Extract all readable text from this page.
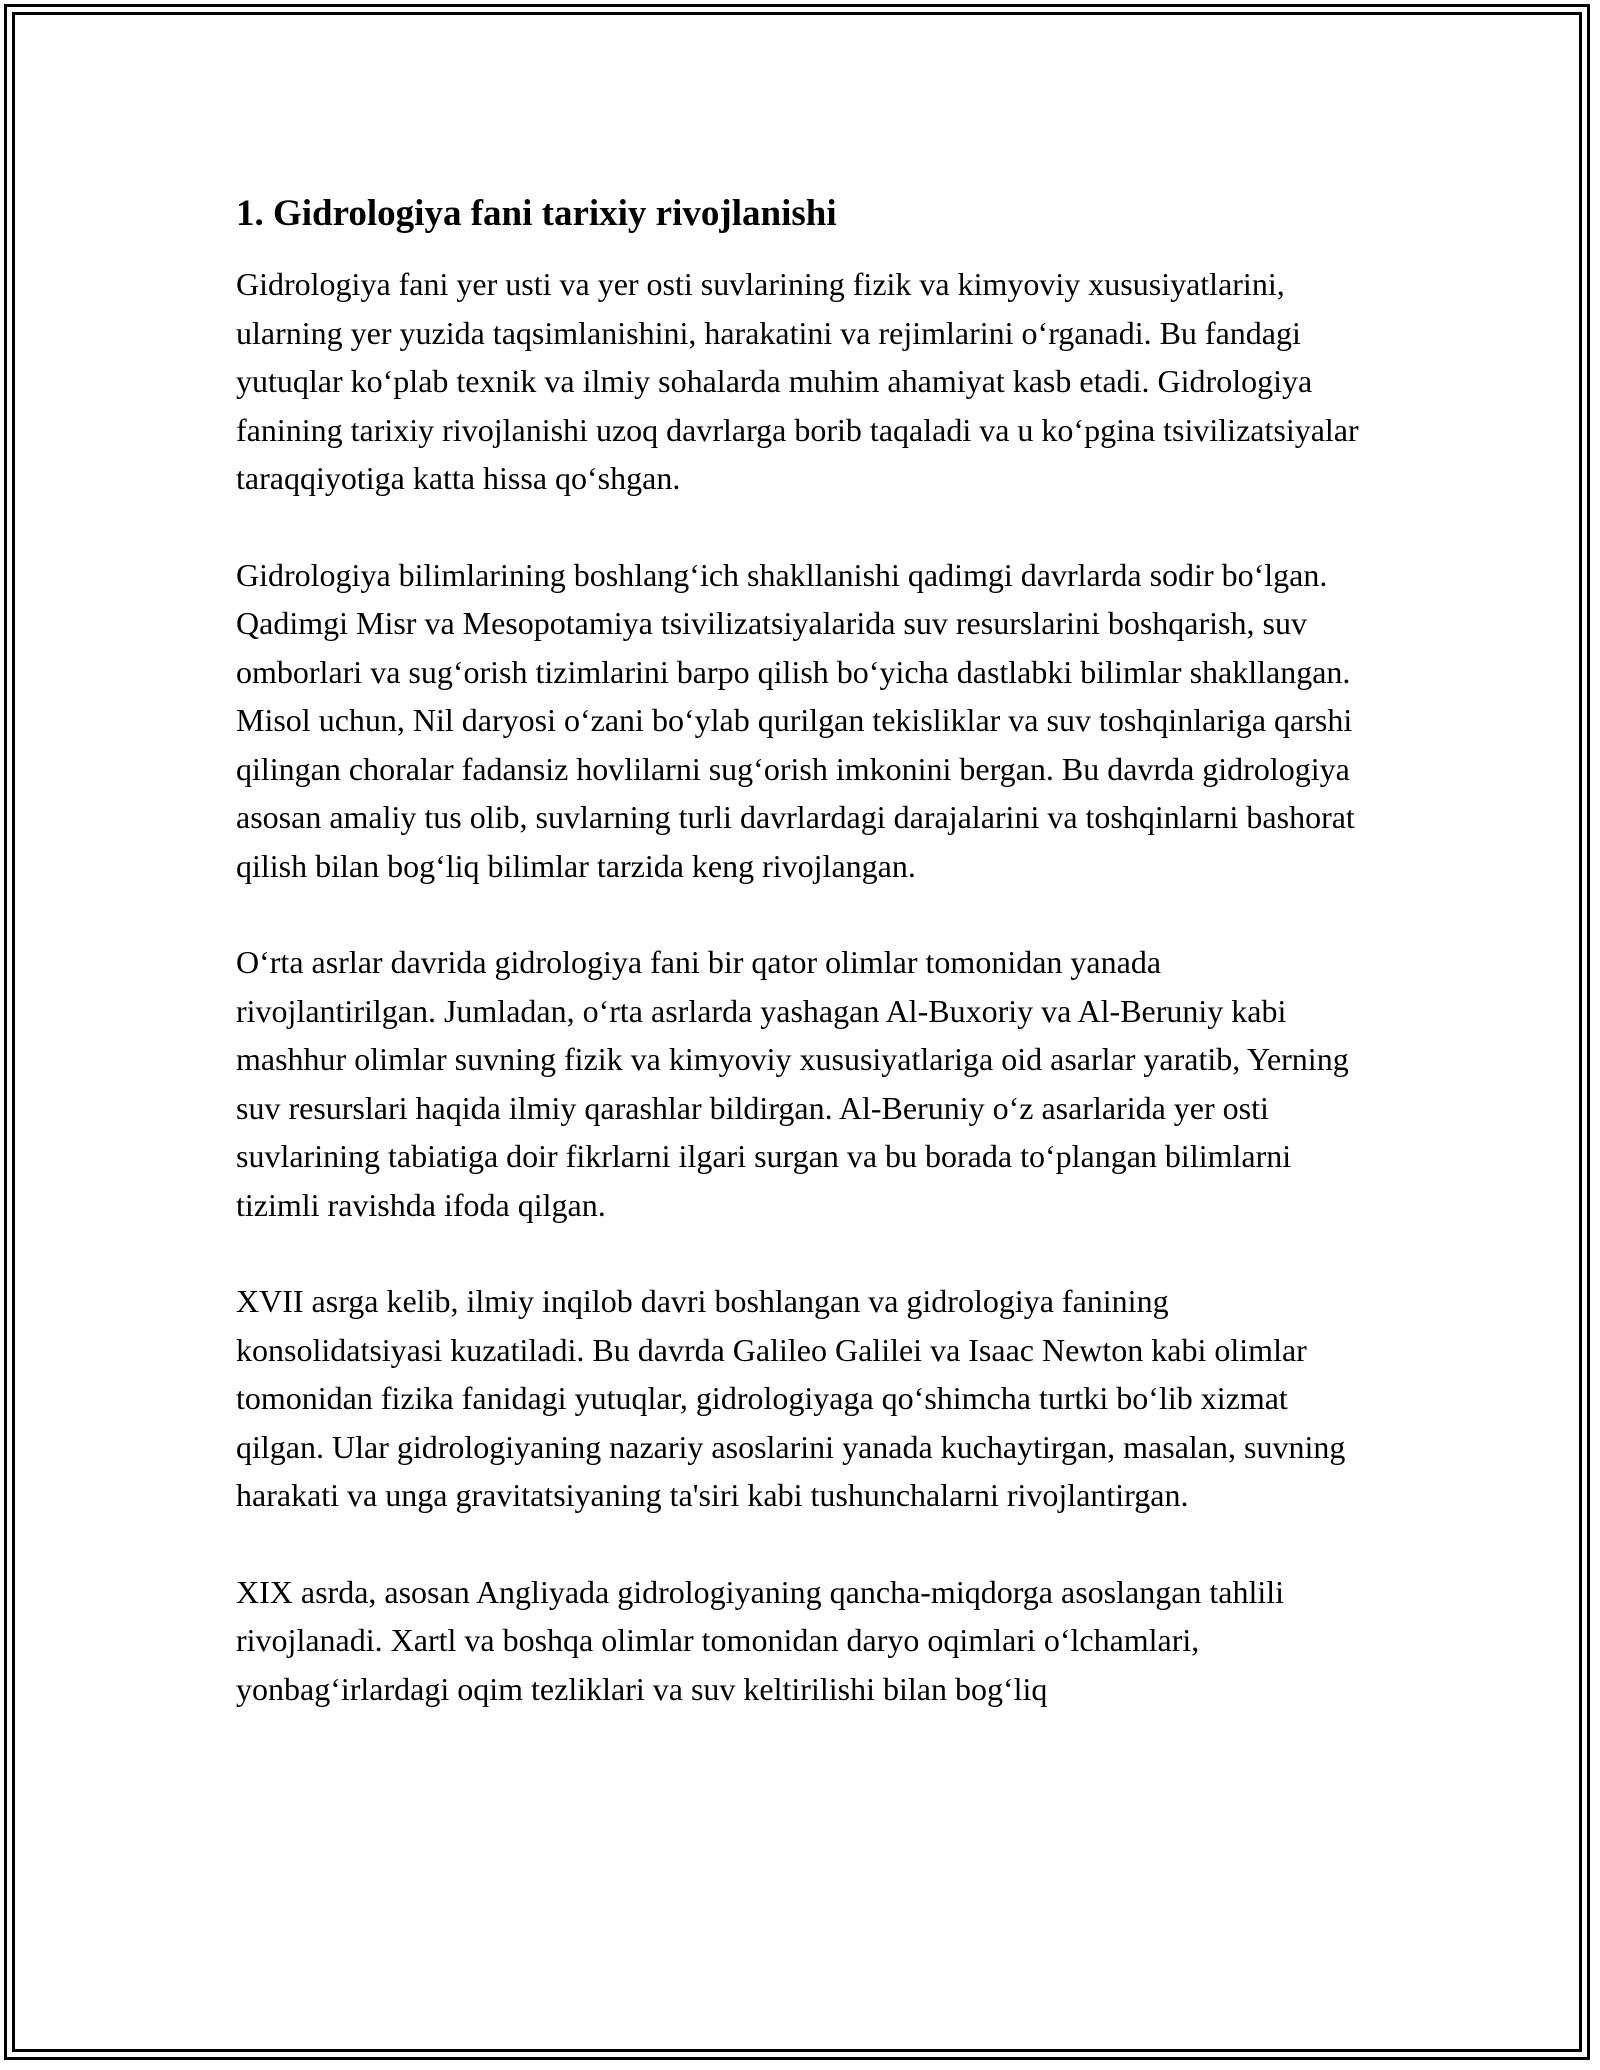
1. Gidrologiya fani tarixiy rivojlanishi

Gidrologiya fani yer usti va yer osti suvlarining fizik va kimyoviy xususiyatlarini, ularning yer yuzida taqsimlanishini, harakatini va rejimlarini o‘rganadi. Bu fandagi yutuqlar ko‘plab texnik va ilmiy sohalarda muhim ahamiyat kasb etadi. Gidrologiya fanining tarixiy rivojlanishi uzoq davrlarga borib taqaladi va u ko‘pgina tsivilizatsiyalar taraqqiyotiga katta hissa qo‘shgan.

Gidrologiya bilimlarining boshlang‘ich shakllanishi qadimgi davrlarda sodir bo‘lgan. Qadimgi Misr va Mesopotamiya tsivilizatsiyalarida suv resurslarini boshqarish, suv omborlari va sug‘orish tizimlarini barpo qilish bo‘yicha dastlabki bilimlar shakllangan. Misol uchun, Nil daryosi o‘zani bo‘ylab qurilgan tekisliklar va suv toshqinlariga qarshi qilingan choralar fadansiz hovlilarni sug‘orish imkonini bergan. Bu davrda gidrologiya asosan amaliy tus olib, suvlarning turli davrlardagi darajalarini va toshqinlarni bashorat qilish bilan bog‘liq bilimlar tarzida keng rivojlangan.

O‘rta asrlar davrida gidrologiya fani bir qator olimlar tomonidan yanada rivojlantirilgan. Jumladan, o‘rta asrlarda yashagan Al-Buxoriy va Al-Beruniy kabi mashhur olimlar suvning fizik va kimyoviy xususiyatlariga oid asarlar yaratib, Yerning suv resurslari haqida ilmiy qarashlar bildirgan. Al-Beruniy o‘z asarlarida yer osti suvlarining tabiatiga doir fikrlarni ilgari surgan va bu borada to‘plangan bilimlarni tizimli ravishda ifoda qilgan.

XVII asrga kelib, ilmiy inqilob davri boshlangan va gidrologiya fanining konsolidatsiyasi kuzatiladi. Bu davrda Galileo Galilei va Isaac Newton kabi olimlar tomonidan fizika fanidagi yutuqlar, gidrologiyaga qo‘shimcha turtki bo‘lib xizmat qilgan. Ular gidrologiyaning nazariy asoslarini yanada kuchaytirgan, masalan, suvning harakati va unga gravitatsiyaning ta'siri kabi tushunchalarni rivojlantirgan.

XIX asrda, asosan Angliyada gidrologiyaning qancha-miqdorga asoslangan tahlili rivojlanadi. Xartl va boshqa olimlar tomonidan daryo oqimlari o‘lchamlari, yonbag‘irlardagi oqim tezliklari va suv keltirilishi bilan bog‘liq
